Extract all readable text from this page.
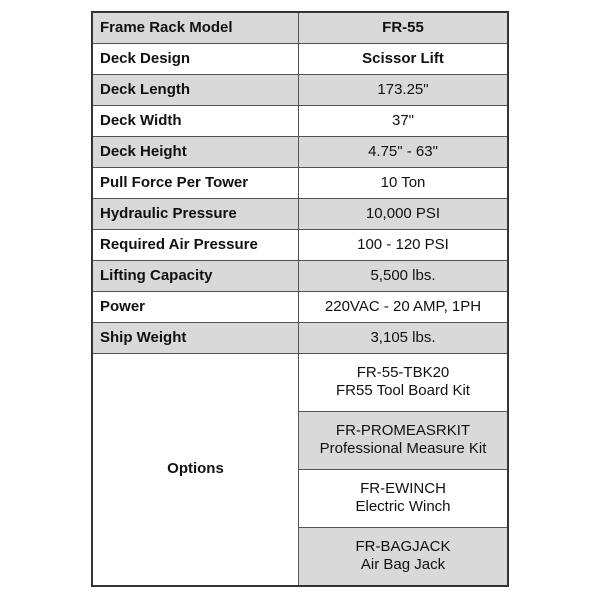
Frame Rack Model	FR-55
Deck Design	Scissor Lift
Deck Length	173.25"
Deck Width	37"
Deck Height	4.75" - 63"
Pull Force Per Tower	10 Ton
Hydraulic Pressure	10,000 PSI
Required Air Pressure	100 - 120 PSI
Lifting Capacity	5,500 lbs.
Power	220VAC - 20 AMP, 1PH
Ship Weight	3,105 lbs.
Options	FR-55-TBK20
FR55 Tool Board Kit

	FR-PROMEASRKIT
Professional Measure Kit

	FR-EWINCH
Electric Winch

	FR-BAGJACK
Air Bag Jack
